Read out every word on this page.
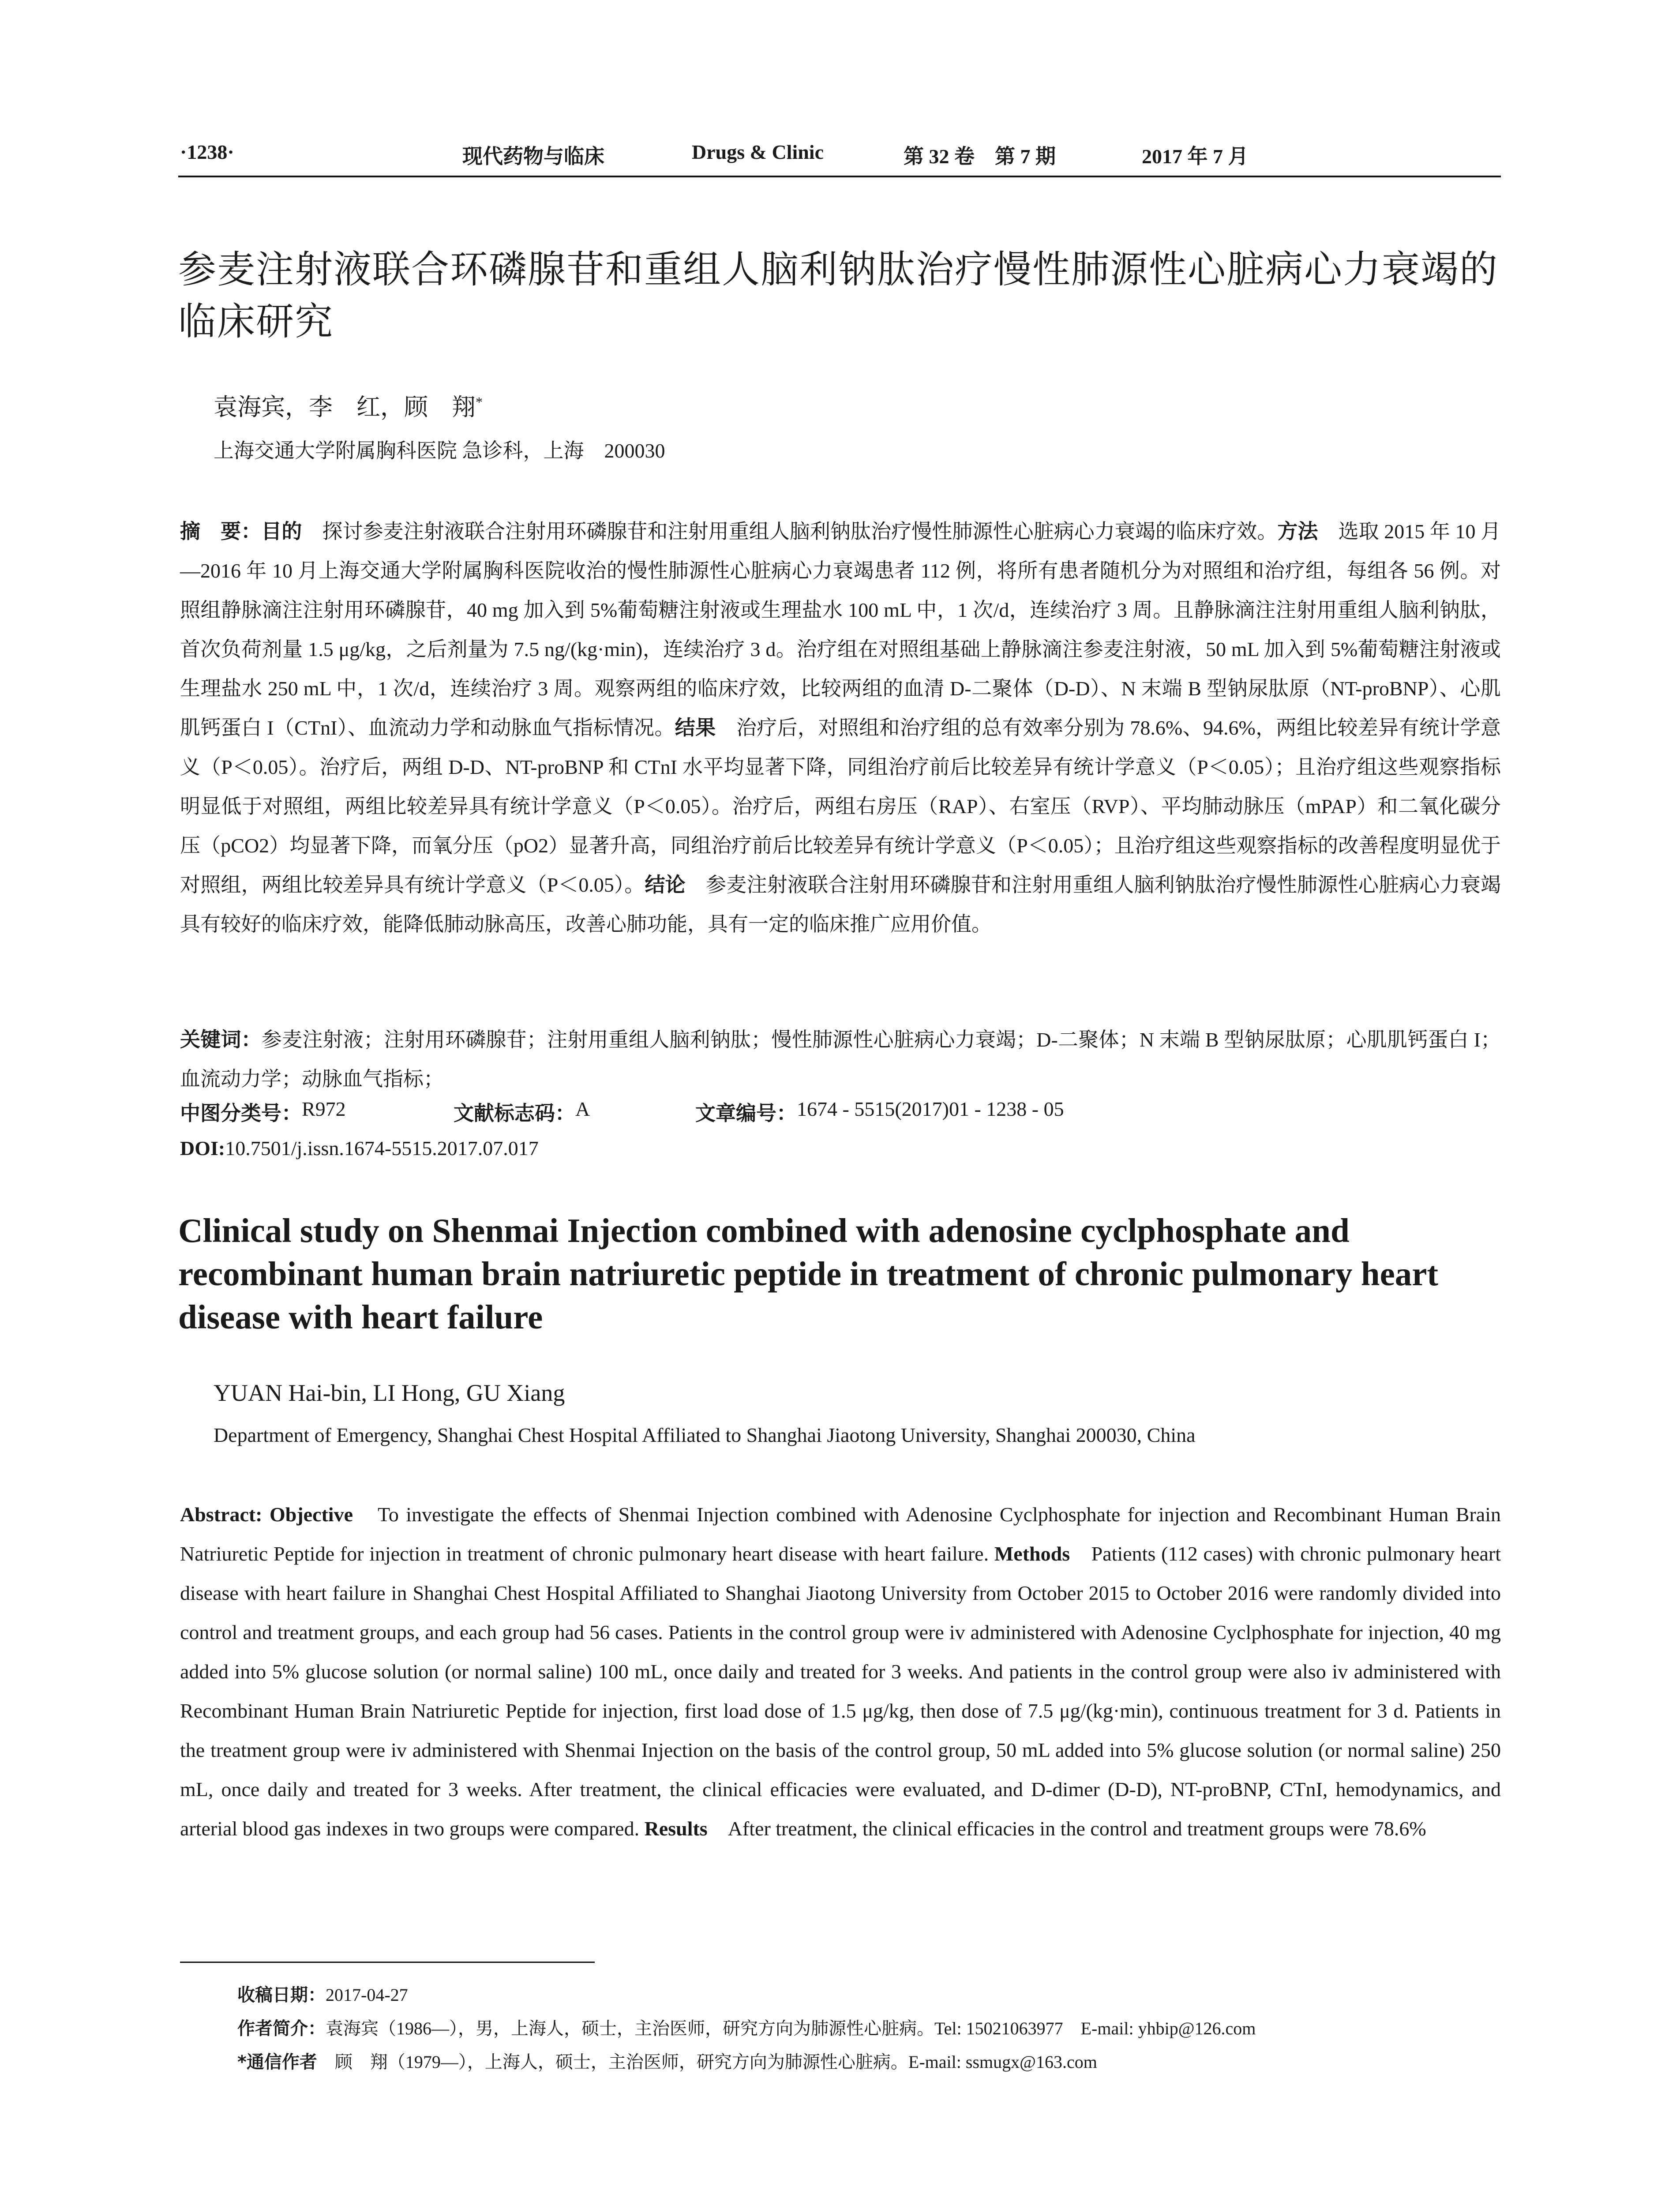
·1238·	现代药物与临床	Drugs & Clinic	第 32 卷　第 7 期	2017 年 7 月
参麦注射液联合环磷腺苷和重组人脑利钠肽治疗慢性肺源性心脏病心力衰竭的临床研究
袁海宾，李　红，顾　翔*
上海交通大学附属胸科医院 急诊科，上海　200030

摘　要：目的　探讨参麦注射液联合注射用环磷腺苷和注射用重组人脑利钠肽治疗慢性肺源性心脏病心力衰竭的临床疗效。方法　选取 2015 年 10 月—2016 年 10 月上海交通大学附属胸科医院收治的慢性肺源性心脏病心力衰竭患者 112 例，将所有患者随机分为对照组和治疗组，每组各 56 例。对照组静脉滴注注射用环磷腺苷，40 mg 加入到 5%葡萄糖注射液或生理盐水 100 mL 中，1 次/d，连续治疗 3 周。且静脉滴注注射用重组人脑利钠肽，首次负荷剂量 1.5 μg/kg，之后剂量为 7.5 ng/(kg·min)，连续治疗 3 d。治疗组在对照组基础上静脉滴注参麦注射液，50 mL 加入到 5%葡萄糖注射液或生理盐水 250 mL 中，1 次/d，连续治疗 3 周。观察两组的临床疗效，比较两组的血清 D-二聚体（D-D）、N 末端 B 型钠尿肽原（NT-proBNP）、心肌肌钙蛋白 I（CTnI）、血流动力学和动脉血气指标情况。结果　治疗后，对照组和治疗组的总有效率分别为 78.6%、94.6%，两组比较差异有统计学意义（P＜0.05）。治疗后，两组 D-D、NT-proBNP 和 CTnI 水平均显著下降，同组治疗前后比较差异有统计学意义（P＜0.05）；且治疗组这些观察指标明显低于对照组，两组比较差异具有统计学意义（P＜0.05）。治疗后，两组右房压（RAP）、右室压（RVP）、平均肺动脉压（mPAP）和二氧化碳分压（pCO2）均显著下降，而氧分压（pO2）显著升高，同组治疗前后比较差异有统计学意义（P＜0.05）；且治疗组这些观察指标的改善程度明显优于对照组，两组比较差异具有统计学意义（P＜0.05）。结论　参麦注射液联合注射用环磷腺苷和注射用重组人脑利钠肽治疗慢性肺源性心脏病心力衰竭具有较好的临床疗效，能降低肺动脉高压，改善心肺功能，具有一定的临床推广应用价值。

关键词：参麦注射液；注射用环磷腺苷；注射用重组人脑利钠肽；慢性肺源性心脏病心力衰竭；D-二聚体；N 末端 B 型钠尿肽原；心肌肌钙蛋白 I；血流动力学；动脉血气指标；

中图分类号： R972	文献标志码： A	文章编号： 1674 - 5515(2017)01 - 1238 - 05
DOI:10.7501/j.issn.1674-5515.2017.07.017
Clinical study on Shenmai Injection combined with adenosine cyclphosphate and recombinant human brain natriuretic peptide in treatment of chronic pulmonary heart disease with heart failure
YUAN Hai-bin, LI Hong, GU Xiang
Department of Emergency, Shanghai Chest Hospital Affiliated to Shanghai Jiaotong University, Shanghai 200030, China

Abstract: Objective　To investigate the effects of Shenmai Injection combined with Adenosine Cyclphosphate for injection and Recombinant Human Brain Natriuretic Peptide for injection in treatment of chronic pulmonary heart disease with heart failure. Methods　Patients (112 cases) with chronic pulmonary heart disease with heart failure in Shanghai Chest Hospital Affiliated to Shanghai Jiaotong University from October 2015 to October 2016 were randomly divided into control and treatment groups, and each group had 56 cases. Patients in the control group were iv administered with Adenosine Cyclphosphate for injection, 40 mg added into 5% glucose solution (or normal saline) 100 mL, once daily and treated for 3 weeks. And patients in the control group were also iv administered with Recombinant Human Brain Natriuretic Peptide for injection, first load dose of 1.5 μg/kg, then dose of 7.5 μg/(kg·min), continuous treatment for 3 d. Patients in the treatment group were iv administered with Shenmai Injection on the basis of the control group, 50 mL added into 5% glucose solution (or normal saline) 250 mL, once daily and treated for 3 weeks. After treatment, the clinical efficacies were evaluated, and D-dimer (D-D), NT-proBNP, CTnI, hemodynamics, and arterial blood gas indexes in two groups were compared. Results　After treatment, the clinical efficacies in the control and treatment groups were 78.6%

收稿日期：2017-04-27
作者简介：袁海宾（1986—），男，上海人，硕士，主治医师，研究方向为肺源性心脏病。Tel: 15021063977　E-mail: yhbip@126.com
*通信作者　顾　翔（1979—），上海人，硕士，主治医师，研究方向为肺源性心脏病。E-mail: ssmugx@163.com
